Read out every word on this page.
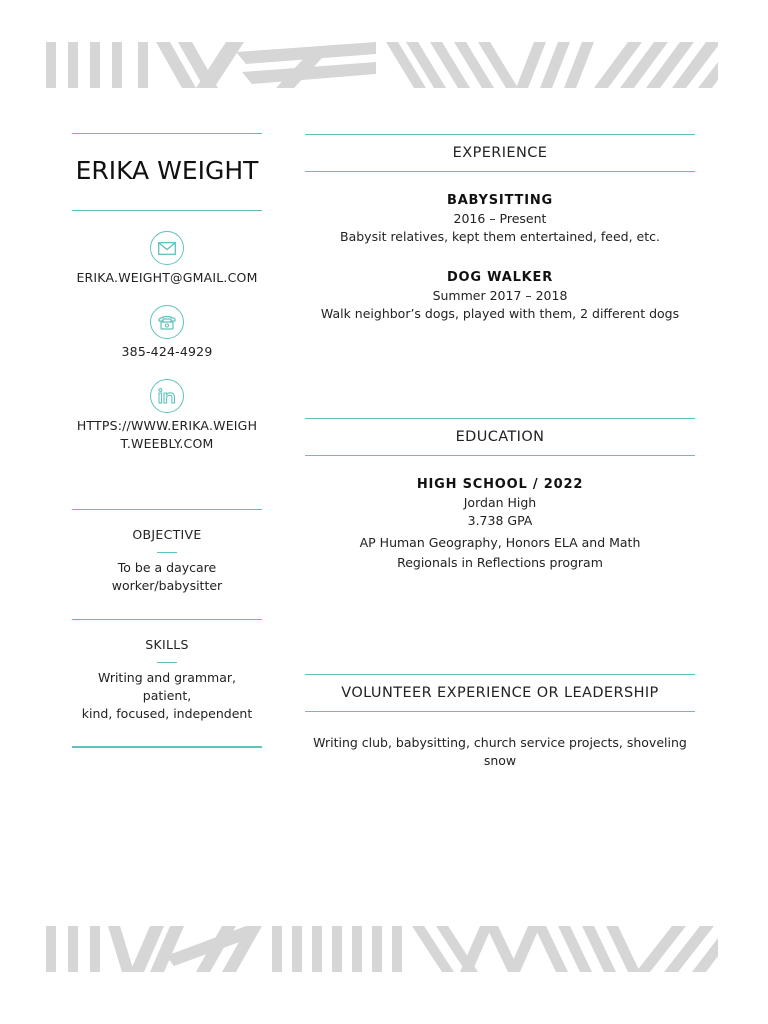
ERIKA WEIGHT
ERIKA.WEIGHT@GMAIL.COM
385-424-4929
HTTPS://WWW.ERIKA.WEIGH
T.WEEBLY.COM
OBJECTIVE
To be a daycare
worker/babysitter
SKILLS
Writing and grammar, patient,
kind, focused, independent
EXPERIENCE
BABYSITTING
2016 – Present
Babysit relatives, kept them entertained, feed, etc.
DOG WALKER
Summer 2017 – 2018
Walk neighbor’s dogs, played with them, 2 different dogs
EDUCATION
HIGH SCHOOL / 2022
Jordan High
3.738 GPA
AP Human Geography, Honors ELA and Math
Regionals in Reflections program
VOLUNTEER EXPERIENCE OR LEADERSHIP
Writing club, babysitting, church service projects, shoveling snow
